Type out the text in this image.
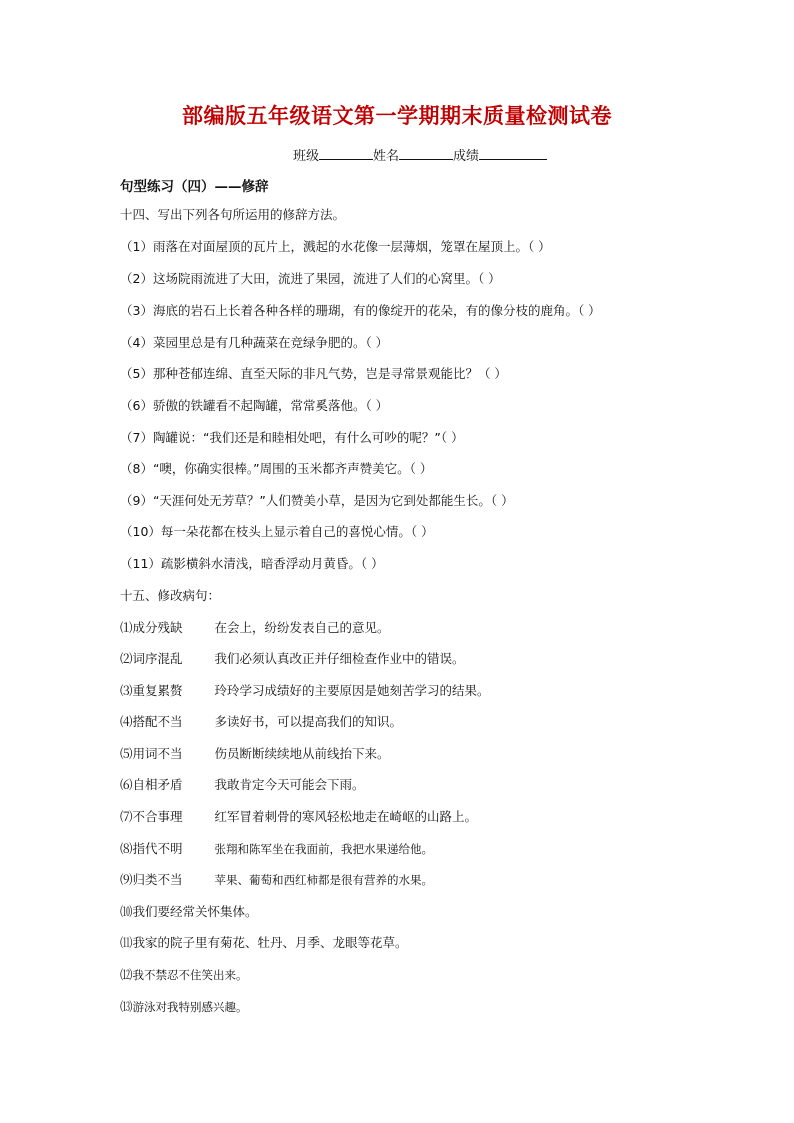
部编版五年级语文第一学期期末质量检测试卷
班级	姓名	成绩
句型练习（四）——修辞
十四、写出下列各句所运用的修辞方法。
（1）雨落在对面屋顶的瓦片上，溅起的水花像一层薄烟，笼罩在屋顶上。（ ）
（2）这场院雨流进了大田，流进了果园，流进了人们的心窝里。（ ）
（3）海底的岩石上长着各种各样的珊瑚，有的像绽开的花朵，有的像分枝的鹿角。（ ）
（4）菜园里总是有几种蔬菜在竞绿争肥的。（ ）
（5）那种苍郁连绵、直至天际的非凡气势，岂是寻常景观能比？（ ）
（6）骄傲的铁罐看不起陶罐，常常奚落他。（ ）
（7）陶罐说：“我们还是和睦相处吧，有什么可吵的呢？”（ ）
（8）“噢，你确实很棒。”周围的玉米都齐声赞美它。（ ）
（9）“天涯何处无芳草？”人们赞美小草，是因为它到处都能生长。（ ）
（10）每一朵花都在枝头上显示着自己的喜悦心情。（ ）
（11）疏影横斜水清浅，暗香浮动月黄昏。（ ）
十五、修改病句：
⑴成分残缺	在会上，纷纷发表自己的意见。
⑵词序混乱	我们必须认真改正并仔细检查作业中的错误。
⑶重复累赘	玲玲学习成绩好的主要原因是她刻苦学习的结果。
⑷搭配不当	多读好书，可以提高我们的知识。
⑸用词不当	伤员断断续续地从前线抬下来。
⑹自相矛盾	我敢肯定今天可能会下雨。
⑺不合事理	红军冒着刺骨的寒风轻松地走在崎岖的山路上。
⑻指代不明	张翔和陈军坐在我面前，我把水果递给他。
⑼归类不当	苹果、葡萄和西红柿都是很有营养的水果。
⑽我们要经常关怀集体。
⑾我家的院子里有菊花、牡丹、月季、龙眼等花草。
⑿我不禁忍不住笑出来。
⒀游泳对我特别感兴趣。
